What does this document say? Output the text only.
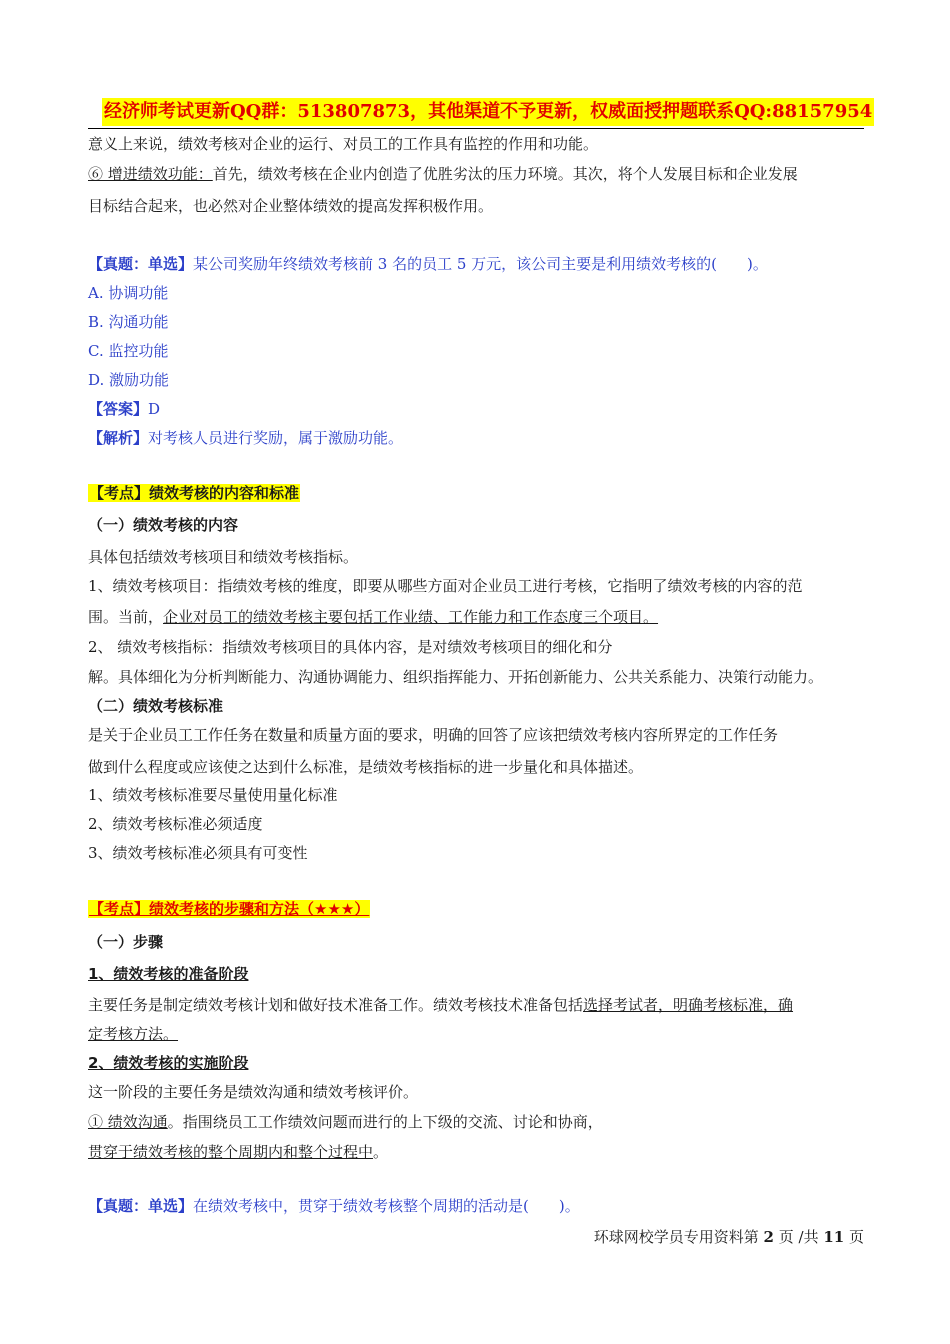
经济师考试更新QQ群：513807873，其他渠道不予更新，权威面授押题联系QQ:88157954
意义上来说，绩效考核对企业的运行、对员工的工作具有监控的作用和功能。
⑥ 增进绩效功能：首先，绩效考核在企业内创造了优胜劣汰的压力环境。其次，将个人发展目标和企业发展
目标结合起来，也必然对企业整体绩效的提高发挥积极作用。
【真题：单选】某公司奖励年终绩效考核前 3 名的员工 5 万元，该公司主要是利用绩效考核的(　　)。
A. 协调功能
B. 沟通功能
C. 监控功能
D. 激励功能
【答案】D
【解析】对考核人员进行奖励，属于激励功能。
【考点】绩效考核的内容和标准
（一）绩效考核的内容
具体包括绩效考核项目和绩效考核指标。
1、绩效考核项目：指绩效考核的维度，即要从哪些方面对企业员工进行考核，它指明了绩效考核的内容的范
围。当前，企业对员工的绩效考核主要包括工作业绩、工作能力和工作态度三个项目。
2、 绩效考核指标：指绩效考核项目的具体内容，是对绩效考核项目的细化和分
解。具体细化为分析判断能力、沟通协调能力、组织指挥能力、开拓创新能力、公共关系能力、决策行动能力。
（二）绩效考核标准
是关于企业员工工作任务在数量和质量方面的要求，明确的回答了应该把绩效考核内容所界定的工作任务
做到什么程度或应该使之达到什么标准，是绩效考核指标的进一步量化和具体描述。
1、绩效考核标准要尽量使用量化标准
2、绩效考核标准必须适度
3、绩效考核标准必须具有可变性
【考点】绩效考核的步骤和方法（★★★）
（一）步骤
1、绩效考核的准备阶段
主要任务是制定绩效考核计划和做好技术准备工作。绩效考核技术准备包括选择考试者，明确考核标准，确
定考核方法。
2、绩效考核的实施阶段
这一阶段的主要任务是绩效沟通和绩效考核评价。
① 绩效沟通。指围绕员工工作绩效问题而进行的上下级的交流、讨论和协商，
贯穿于绩效考核的整个周期内和整个过程中。
【真题：单选】在绩效考核中，贯穿于绩效考核整个周期的活动是(　　)。
环球网校学员专用资料第 2 页 /共 11 页
